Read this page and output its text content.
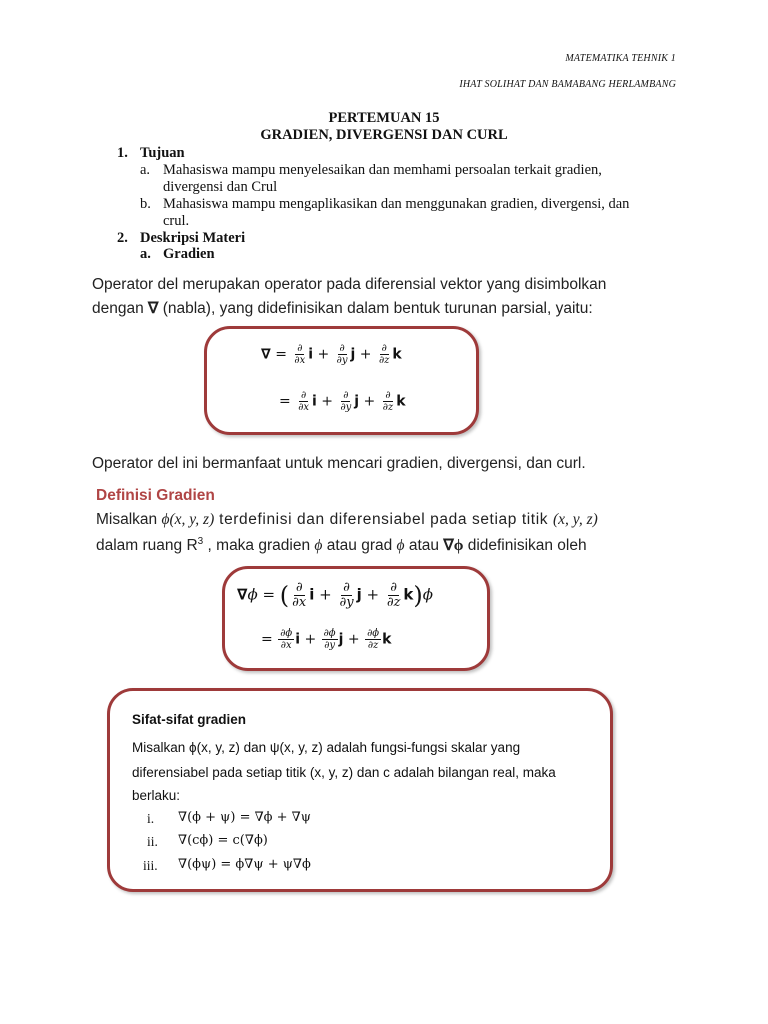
MATEMATIKA TEHNIK 1
IHAT SOLIHAT DAN BAMABANG HERLAMBANG
PERTEMUAN 15
GRADIEN, DIVERGENSI DAN CURL
1. Tujuan
a. Mahasiswa mampu menyelesaikan dan memhami persoalan terkait gradien,
divergensi dan Crul
b. Mahasiswa mampu mengaplikasikan dan menggunakan gradien, divergensi, dan
crul.
2. Deskripsi Materi
a. Gradien
Operator del merupakan operator pada diferensial vektor yang disimbolkan
dengan ∇ (nabla), yang didefinisikan dalam bentuk turunan parsial, yaitu:
∇ = $\frac{\partial}{\partial x}$ $i + \frac{\partial}{\partial y}$ $j + \frac{\partial}{\partial z}$ k
= $\frac{\partial}{\partial x}$ $i + \frac{\partial}{\partial y}$ $j + \frac{\partial}{\partial z}$ k
Operator del ini bermanfaat untuk mencari gradien, divergensi, dan curl.
Definisi Gradien
Misalkan ϕ(x, y, z) terdefinisi dan diferensiabel pada setiap titik (x, y, z)
dalam ruang $R^3$ , maka gradien ϕ atau grad ϕ atau ∇ϕ didefinisikan oleh
∇ϕ = ( $\frac{\partial}{\partial x}$ $i + \frac{\partial}{\partial y}$ $j + \frac{\partial}{\partial z} k)\phi$
= $\frac{\partial\phi}{\partial x}$ $i + \frac{\partial\phi}{\partial y}$ $j + \frac{\partial\phi}{\partial z}$ k
Sifat-sifat gradien
Misalkan ϕ(x, y, z) dan ψ(x, y, z) adalah fungsi-fungsi skalar yang
diferensiabel pada setiap titik (x, y, z) dan c adalah bilangan real, maka
berlaku:
i. ∇(ϕ + ψ) = ∇ϕ + ∇ψ
ii. ∇(cϕ) = c(∇ϕ)
iii. ∇(ϕψ) = ϕ∇ψ + ψ∇ϕ
